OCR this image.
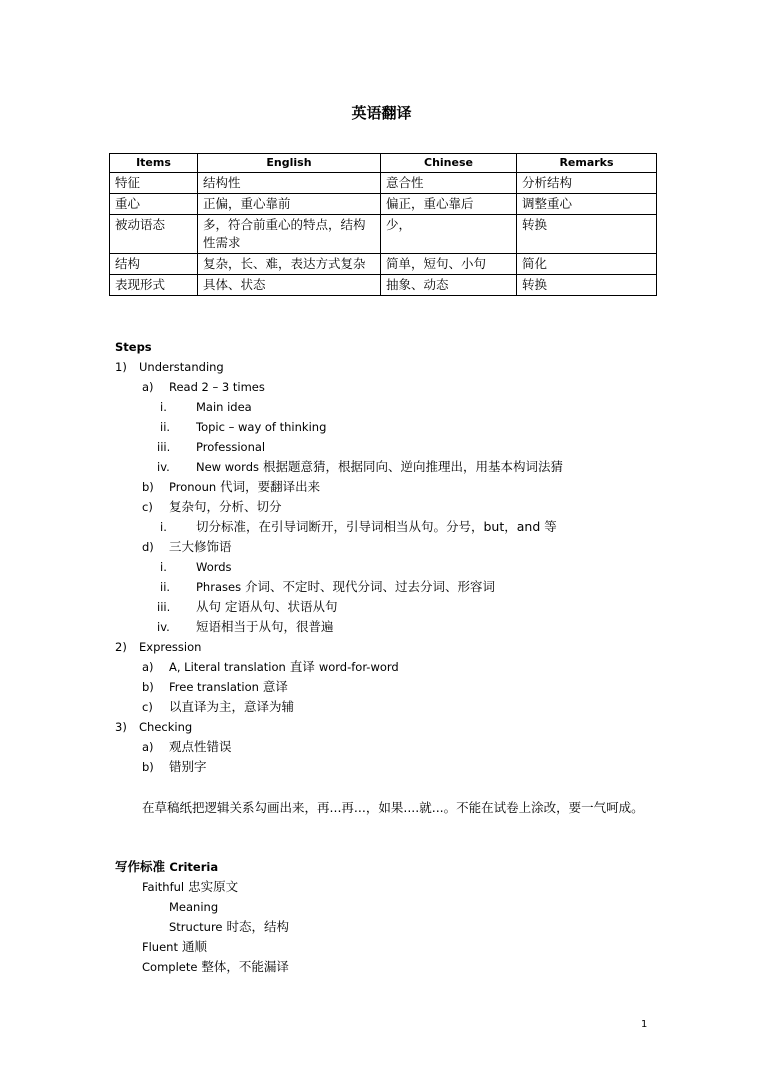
英语翻译
Items	English	Chinese	Remarks
特征	结构性	意合性	分析结构
重心	正偏，重心靠前	偏正，重心靠后	调整重心
被动语态	多，符合前重心的特点，结构性需求	少，	转换
结构	复杂，长、难，表达方式复杂	简单，短句、小句	简化
表现形式	具体、状态	抽象、动态	转换
Steps
1) Understanding
a) Read 2 – 3 times
i.	Main idea
ii. Topic – way of thinking
iii. Professional
iv. New words 根据题意猜，根据同向、逆向推理出，用基本构词法猜
b) Pronoun 代词，要翻译出来
c) 复杂句，分析、切分
i. 切分标准，在引导词断开，引导词相当从句。分号，but，and 等
d) 三大修饰语
i.	Words
ii. Phrases 介词、不定时、现代分词、过去分词、形容词
iii. 从句 定语从句、状语从句
iv. 短语相当于从句，很普遍
2) Expression
a) A, Literal translation 直译 word-for-word
b) Free translation 意译
c) 以直译为主，意译为辅
3) Checking
a) 观点性错误
b) 错别字
在草稿纸把逻辑关系勾画出来，再...再...，如果....就...。不能在试卷上涂改，要一气呵成。
写作标准 Criteria
Faithful 忠实原文
Meaning
Structure 时态，结构
Fluent 通顺
Complete 整体，不能漏译
1
